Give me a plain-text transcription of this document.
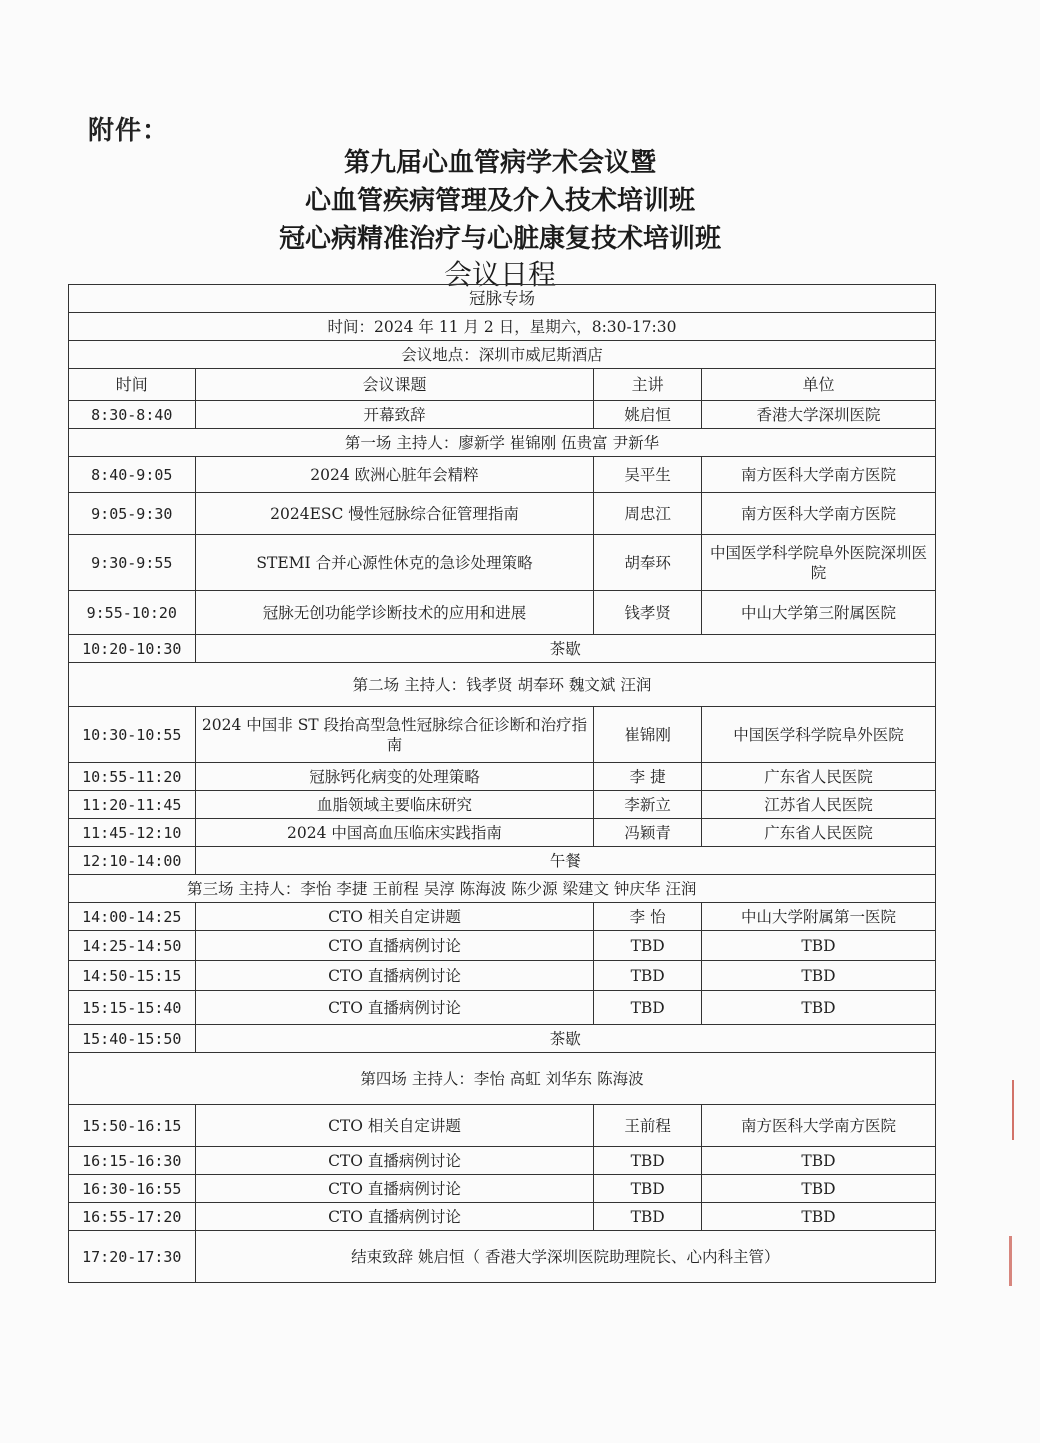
附件：
第九届心血管病学术会议暨
心血管疾病管理及介入技术培训班
冠心病精准治疗与心脏康复技术培训班
会议日程
冠脉专场			
时间：2024 年 11 月 2 日，星期六，8:30-17:30			
会议地点：深圳市威尼斯酒店			
时间	会议课题	主讲	单位
8:30-8:40	开幕致辞	姚启恒	香港大学深圳医院
第一场 主持人：廖新学 崔锦刚 伍贵富 尹新华			
8:40-9:05	2024 欧洲心脏年会精粹	吴平生	南方医科大学南方医院
9:05-9:30	2024ESC 慢性冠脉综合征管理指南	周忠江	南方医科大学南方医院
9:30-9:55	STEMI 合并心源性休克的急诊处理策略	胡奉环	中国医学科学院阜外医院深圳医院
9:55-10:20	冠脉无创功能学诊断技术的应用和进展	钱孝贤	中山大学第三附属医院
10:20-10:30	茶歇		
第二场 主持人：钱孝贤 胡奉环 魏文斌 汪润			
10:30-10:55	2024 中国非 ST 段抬高型急性冠脉综合征诊断和治疗指南	崔锦刚	中国医学科学院阜外医院
10:55-11:20	冠脉钙化病变的处理策略	李 捷	广东省人民医院
11:20-11:45	血脂领域主要临床研究	李新立	江苏省人民医院
11:45-12:10	2024 中国高血压临床实践指南	冯颖青	广东省人民医院
12:10-14:00	午餐		
第三场 主持人：李怡 李捷 王前程 吴淳 陈海波 陈少源 梁建文 钟庆华 汪润			
14:00-14:25	CTO 相关自定讲题	李 怡	中山大学附属第一医院
14:25-14:50	CTO 直播病例讨论	TBD	TBD
14:50-15:15	CTO 直播病例讨论	TBD	TBD
15:15-15:40	CTO 直播病例讨论	TBD	TBD
15:40-15:50	茶歇		
第四场 主持人：李怡 高虹 刘华东 陈海波			
15:50-16:15	CTO 相关自定讲题	王前程	南方医科大学南方医院
16:15-16:30	CTO 直播病例讨论	TBD	TBD
16:30-16:55	CTO 直播病例讨论	TBD	TBD
16:55-17:20	CTO 直播病例讨论	TBD	TBD
17:20-17:30	结束致辞 姚启恒（ 香港大学深圳医院助理院长、心内科主管）		
